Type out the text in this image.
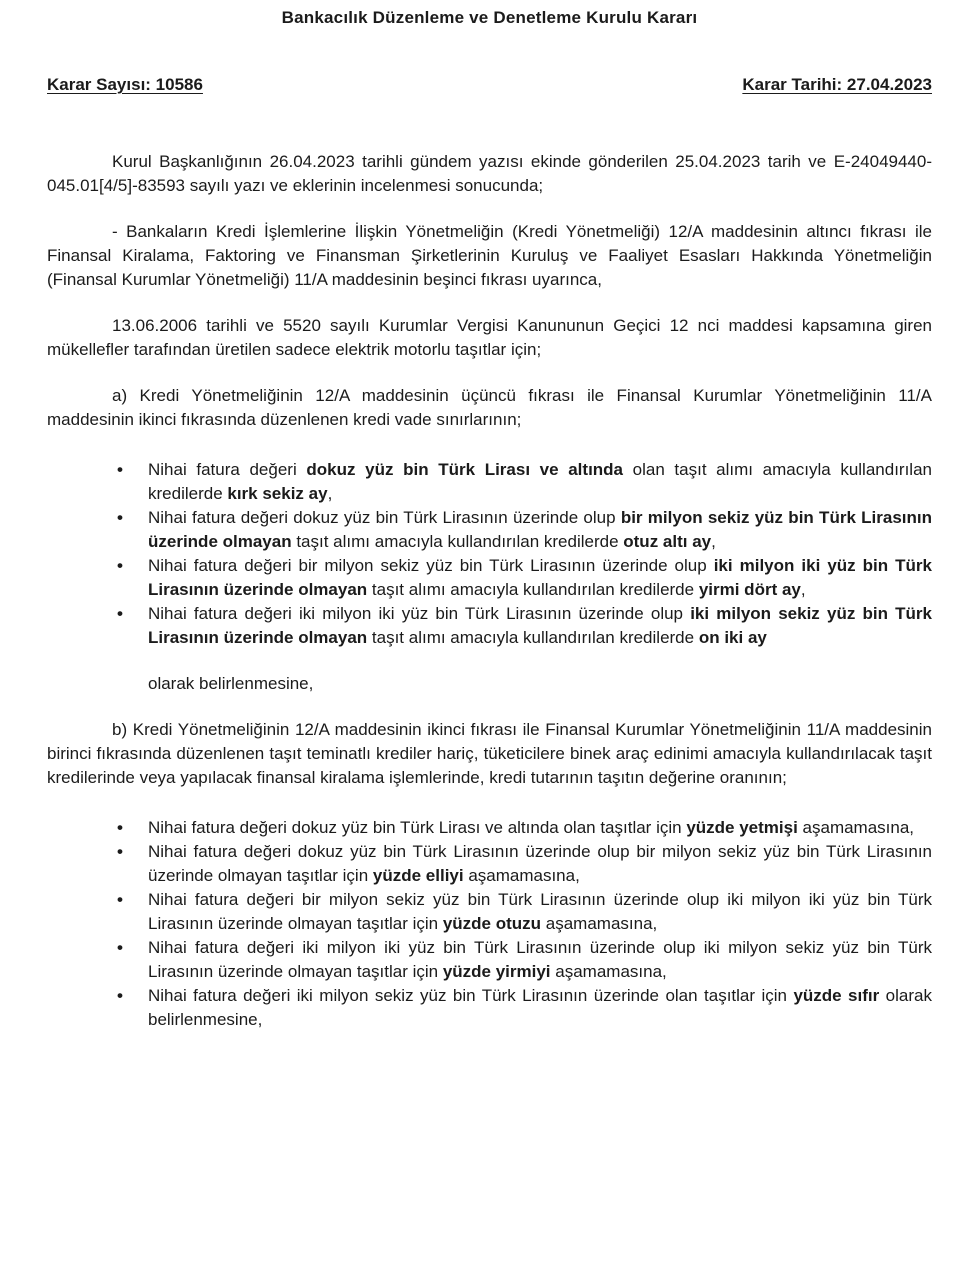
Bankacılık Düzenleme ve Denetleme Kurulu Kararı
Karar Sayısı: 10586	Karar Tarihi: 27.04.2023

Kurul Başkanlığının 26.04.2023 tarihli gündem yazısı ekinde gönderilen 25.04.2023 tarih ve E-24049440-045.01[4/5]-83593 sayılı yazı ve eklerinin incelenmesi sonucunda;

- Bankaların Kredi İşlemlerine İlişkin Yönetmeliğin (Kredi Yönetmeliği) 12/A maddesinin altıncı fıkrası ile Finansal Kiralama, Faktoring ve Finansman Şirketlerinin Kuruluş ve Faaliyet Esasları Hakkında Yönetmeliğin (Finansal Kurumlar Yönetmeliği) 11/A maddesinin beşinci fıkrası uyarınca,

13.06.2006 tarihli ve 5520 sayılı Kurumlar Vergisi Kanununun Geçici 12 nci maddesi kapsamına giren mükellefler tarafından üretilen sadece elektrik motorlu taşıtlar için;

a) Kredi Yönetmeliğinin 12/A maddesinin üçüncü fıkrası ile Finansal Kurumlar Yönetmeliğinin 11/A maddesinin ikinci fıkrasında düzenlenen kredi vade sınırlarının;

• Nihai fatura değeri dokuz yüz bin Türk Lirası ve altında olan taşıt alımı amacıyla kullandırılan kredilerde kırk sekiz ay,
• Nihai fatura değeri dokuz yüz bin Türk Lirasının üzerinde olup bir milyon sekiz yüz bin Türk Lirasının üzerinde olmayan taşıt alımı amacıyla kullandırılan kredilerde otuz altı ay,
• Nihai fatura değeri bir milyon sekiz yüz bin Türk Lirasının üzerinde olup iki milyon iki yüz bin Türk Lirasının üzerinde olmayan taşıt alımı amacıyla kullandırılan kredilerde yirmi dört ay,
• Nihai fatura değeri iki milyon iki yüz bin Türk Lirasının üzerinde olup iki milyon sekiz yüz bin Türk Lirasının üzerinde olmayan taşıt alımı amacıyla kullandırılan kredilerde on iki ay

olarak belirlenmesine,

b) Kredi Yönetmeliğinin 12/A maddesinin ikinci fıkrası ile Finansal Kurumlar Yönetmeliğinin 11/A maddesinin birinci fıkrasında düzenlenen taşıt teminatlı krediler hariç, tüketicilere binek araç edinimi amacıyla kullandırılacak taşıt kredilerinde veya yapılacak finansal kiralama işlemlerinde, kredi tutarının taşıtın değerine oranının;

• Nihai fatura değeri dokuz yüz bin Türk Lirası ve altında olan taşıtlar için yüzde yetmişi aşamamasına,
• Nihai fatura değeri dokuz yüz bin Türk Lirasının üzerinde olup bir milyon sekiz yüz bin Türk Lirasının üzerinde olmayan taşıtlar için yüzde elliyi aşamamasına,
• Nihai fatura değeri bir milyon sekiz yüz bin Türk Lirasının üzerinde olup iki milyon iki yüz bin Türk Lirasının üzerinde olmayan taşıtlar için yüzde otuzu aşamamasına,
• Nihai fatura değeri iki milyon iki yüz bin Türk Lirasının üzerinde olup iki milyon sekiz yüz bin Türk Lirasının üzerinde olmayan taşıtlar için yüzde yirmiyi aşamamasına,
• Nihai fatura değeri iki milyon sekiz yüz bin Türk Lirasının üzerinde olan taşıtlar için yüzde sıfır olarak belirlenmesine,
